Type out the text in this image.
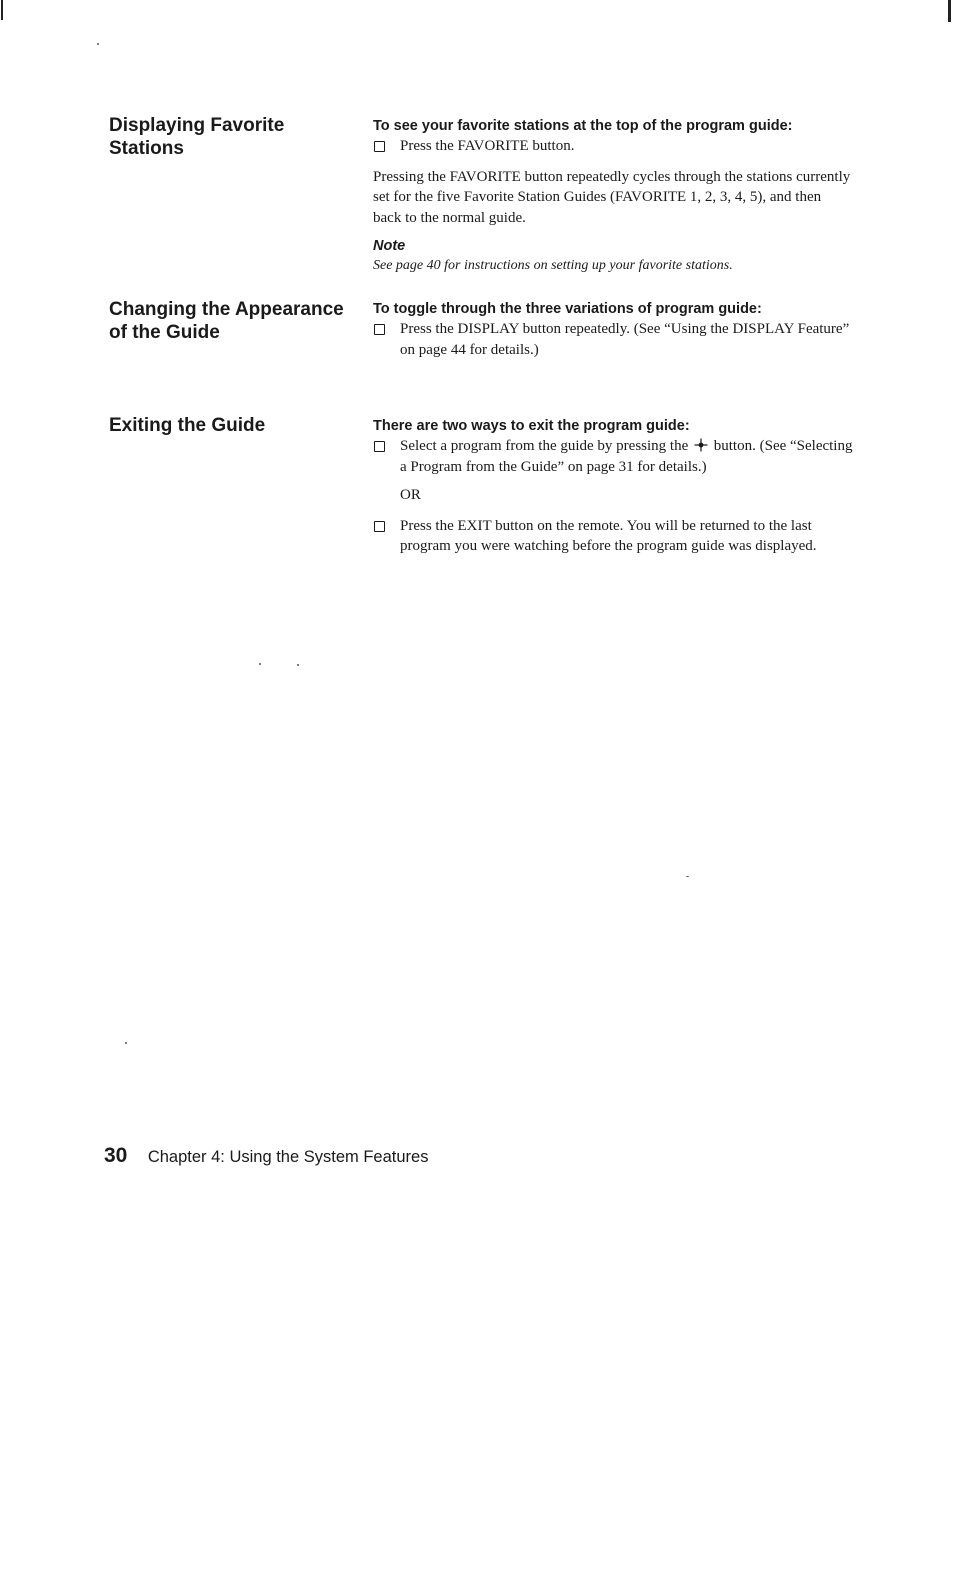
Displaying Favorite Stations

To see your favorite stations at the top of the program guide:

Press the FAVORITE button.

Pressing the FAVORITE button repeatedly cycles through the stations currently set for the five Favorite Station Guides (FAVORITE 1, 2, 3, 4, 5), and then back to the normal guide.

Note

See page 40 for instructions on setting up your favorite stations.

Changing the Appearance of the Guide

To toggle through the three variations of program guide:

Press the DISPLAY button repeatedly. (See “Using the DISPLAY Feature” on page 44 for details.)

Exiting the Guide	There are two ways to exit the program guide:

Select a program from the guide by pressing the button. (See “Selecting a Program from the Guide” on page 31 for details.)

OR

Press the EXIT button on the remote. You will be returned to the last program you were watching before the program guide was displayed.

30 Chapter 4: Using the System Features
